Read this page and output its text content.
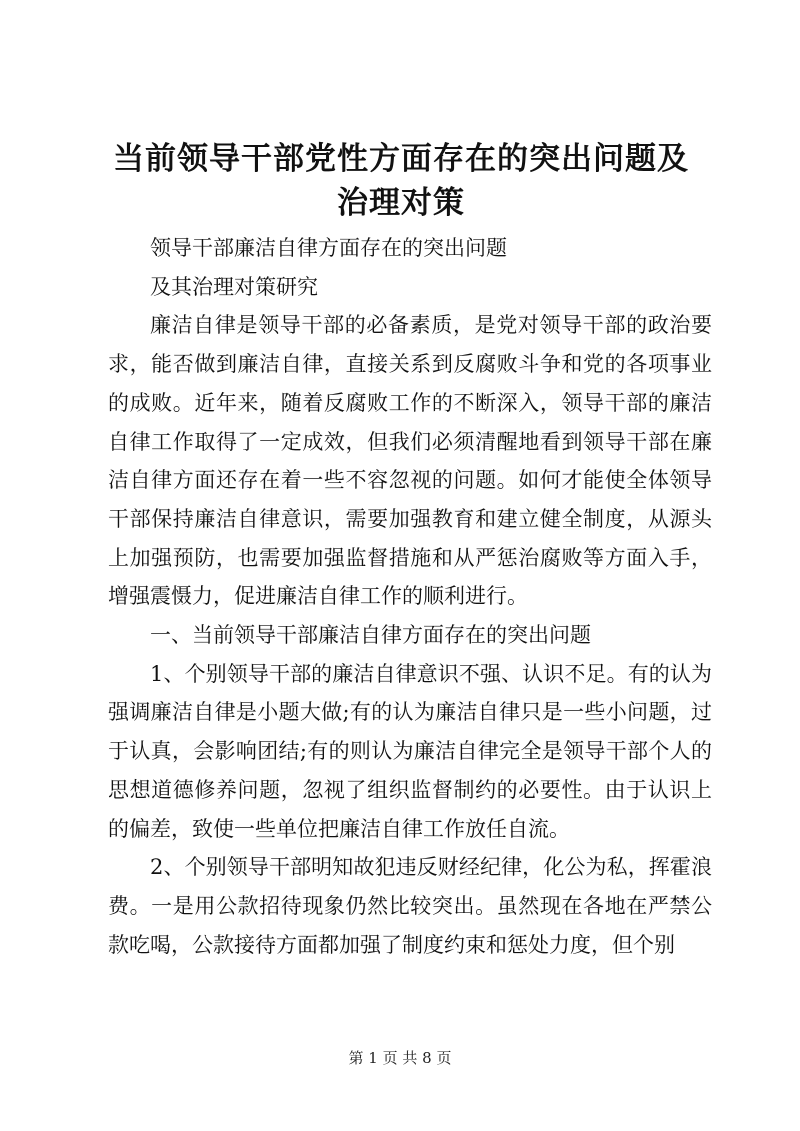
当前领导干部党性方面存在的突出问题及治理对策

领导干部廉洁自律方面存在的突出问题

及其治理对策研究

廉洁自律是领导干部的必备素质，是党对领导干部的政治要求，能否做到廉洁自律，直接关系到反腐败斗争和党的各项事业的成败。近年来，随着反腐败工作的不断深入，领导干部的廉洁自律工作取得了一定成效，但我们必须清醒地看到领导干部在廉洁自律方面还存在着一些不容忽视的问题。如何才能使全体领导干部保持廉洁自律意识，需要加强教育和建立健全制度，从源头上加强预防，也需要加强监督措施和从严惩治腐败等方面入手，增强震慑力，促进廉洁自律工作的顺利进行。

一、当前领导干部廉洁自律方面存在的突出问题

1、个别领导干部的廉洁自律意识不强、认识不足。有的认为强调廉洁自律是小题大做;有的认为廉洁自律只是一些小问题，过于认真，会影响团结;有的则认为廉洁自律完全是领导干部个人的思想道德修养问题，忽视了组织监督制约的必要性。由于认识上的偏差，致使一些单位把廉洁自律工作放任自流。

2、个别领导干部明知故犯违反财经纪律，化公为私，挥霍浪费。一是用公款招待现象仍然比较突出。虽然现在各地在严禁公款吃喝，公款接待方面都加强了制度约束和惩处力度，但个别

第 1 页 共 8 页
